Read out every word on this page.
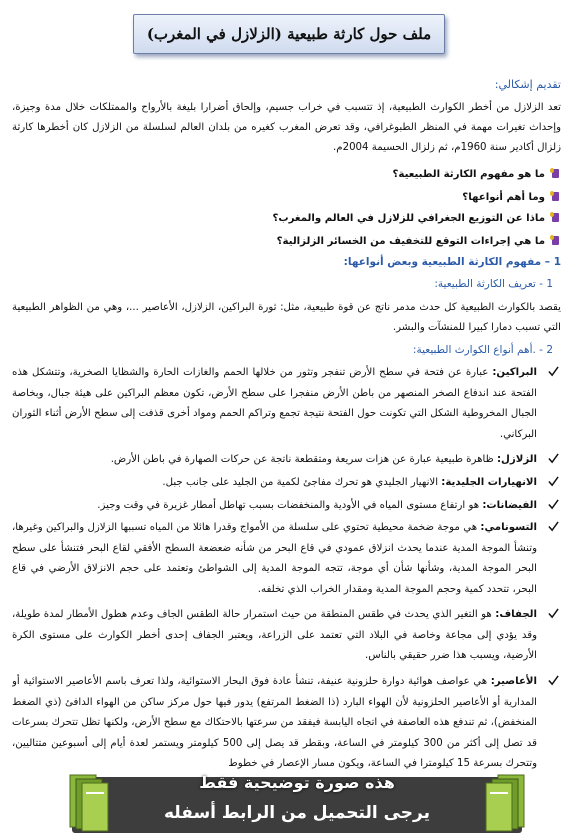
ملف حول كارثة طبيعية (الزلازل في المغرب)
تقديم إشكالي:
تعد الزلازل من أخطر الكوارث الطبيعية، إذ تتسبب في خراب جسيم، وإلحاق أضرارا بليغة بالأرواح والممتلكات خلال مدة وجيزة، وإحداث تغيرات مهمة في المنظر الطبوغرافي، وقد تعرض المغرب كغيره من بلدان العالم لسلسلة من الزلازل كان أخطرها كارثة زلزال أكادير سنة 1960م، ثم زلزال الحسيمة 2004م.
ما هو مفهوم الكارثة الطبيعية؟
وما أهم أنواعها؟
ماذا عن التوزيع الجغرافي للزلازل في العالم والمغرب؟
ما هي إجراءات التوقع للتخفيف من الخسائر الزلزالية؟
1 – مفهوم الكارثة الطبيعية وبعض أنواعها:
1 - تعريف الكارثة الطبيعية:
يقصد بالكوارث الطبيعية كل حدث مدمر ناتج عن قوة طبيعية، مثل: ثورة البراكين، الزلازل، الأعاصير ...، وهي من الظواهر الطبيعية التي تسبب دمارا كبيرا للمنشآت والبشر.
2 - .أهم أنواع الكوارث الطبيعية:
البراكين: عبارة عن فتحة في سطح الأرض تنفجر وتثور من خلالها الحمم والغازات الحارة والشظايا الصخرية، وتتشكل هذه الفتحة عند اندفاع الصخر المنصهر من باطن الأرض منفجرا على سطح الأرض، تكون معظم البراكين على هيئة جبال، وبخاصة الجبال المخروطية الشكل التي تكونت حول الفتحة نتيجة تجمع وتراكم الحمم ومواد أخرى قذفت إلى سطح الأرض أثناء الثوران البركاني.
الزلازل: ظاهرة طبيعية عبارة عن هزات سريعة ومتقطعة ناتجة عن حركات الصهارة في باطن الأرض.
الانهيارات الجليدية: الانهيار الجليدي هو تحرك مفاجئ لكمية من الجليد على جانب جبل.
الفيضانات: هو ارتفاع مستوى المياه في الأودية والمنخفضات بسبب تهاطل أمطار غزيرة في وقت وجيز.
التسونامي: هي موجة ضخمة محيطية تحتوي على سلسلة من الأمواج وقدرا هائلا من المياه تسببها الزلازل والبراكين وغيرها، وتنشأ الموجة المدية عندما يحدث انزلاق عمودي في قاع البحر من شأنه ضعضعة السطح الأفقي لقاع البحر فتنشأ على سطح البحر الموجة المدية، وشأنها شأن أي موجة، تتجه الموجة المدية إلى الشواطئ وتعتمد على حجم الانزلاق الأرضي في قاع البحر، تتحدد كمية وحجم الموجة المدية ومقدار الخراب الذي تخلفه.
الجفاف: هو التغير الذي يحدث في طقس المنطقة من حيث استمرار حالة الطقس الجاف وعدم هطول الأمطار لمدة طويلة، وقد يؤدي إلى مجاعة وخاصة في البلاد التي تعتمد على الزراعة، ويعتبر الجفاف إحدى أخطر الكوارث على مستوى الكرة الأرضية، ويسبب هذا ضرر حقيقي بالناس.
الأعاصير: هي عواصف هوائية دوارة حلزونية عنيفة، تنشأ عادة فوق البحار الاستوائية، ولذا تعرف باسم الأعاصير الاستوائية أو المدارية أو الأعاصير الحلزونية لأن الهواء البارد (ذا الضغط المرتفع) يدور فيها حول مركز ساكن من الهواء الدافئ (ذي الضغط المنخفض)، ثم تندفع هذه العاصفة في اتجاه اليابسة فيفقد من سرعتها بالاحتكاك مع سطح الأرض، ولكنها تظل تتحرك بسرعات قد تصل إلى أكثر من 300 كيلومتر في الساعة، وبقطر قد يصل إلى 500 كيلومتر ويستمر لعدة أيام إلى أسبوعين متتاليين، وتتحرك بسرعة 15 كيلومترا في الساعة، ويكون مسار الإعصار في خطوط
هذه صورة توضيحية فقط
يرجى التحميل من الرابط أسفله
